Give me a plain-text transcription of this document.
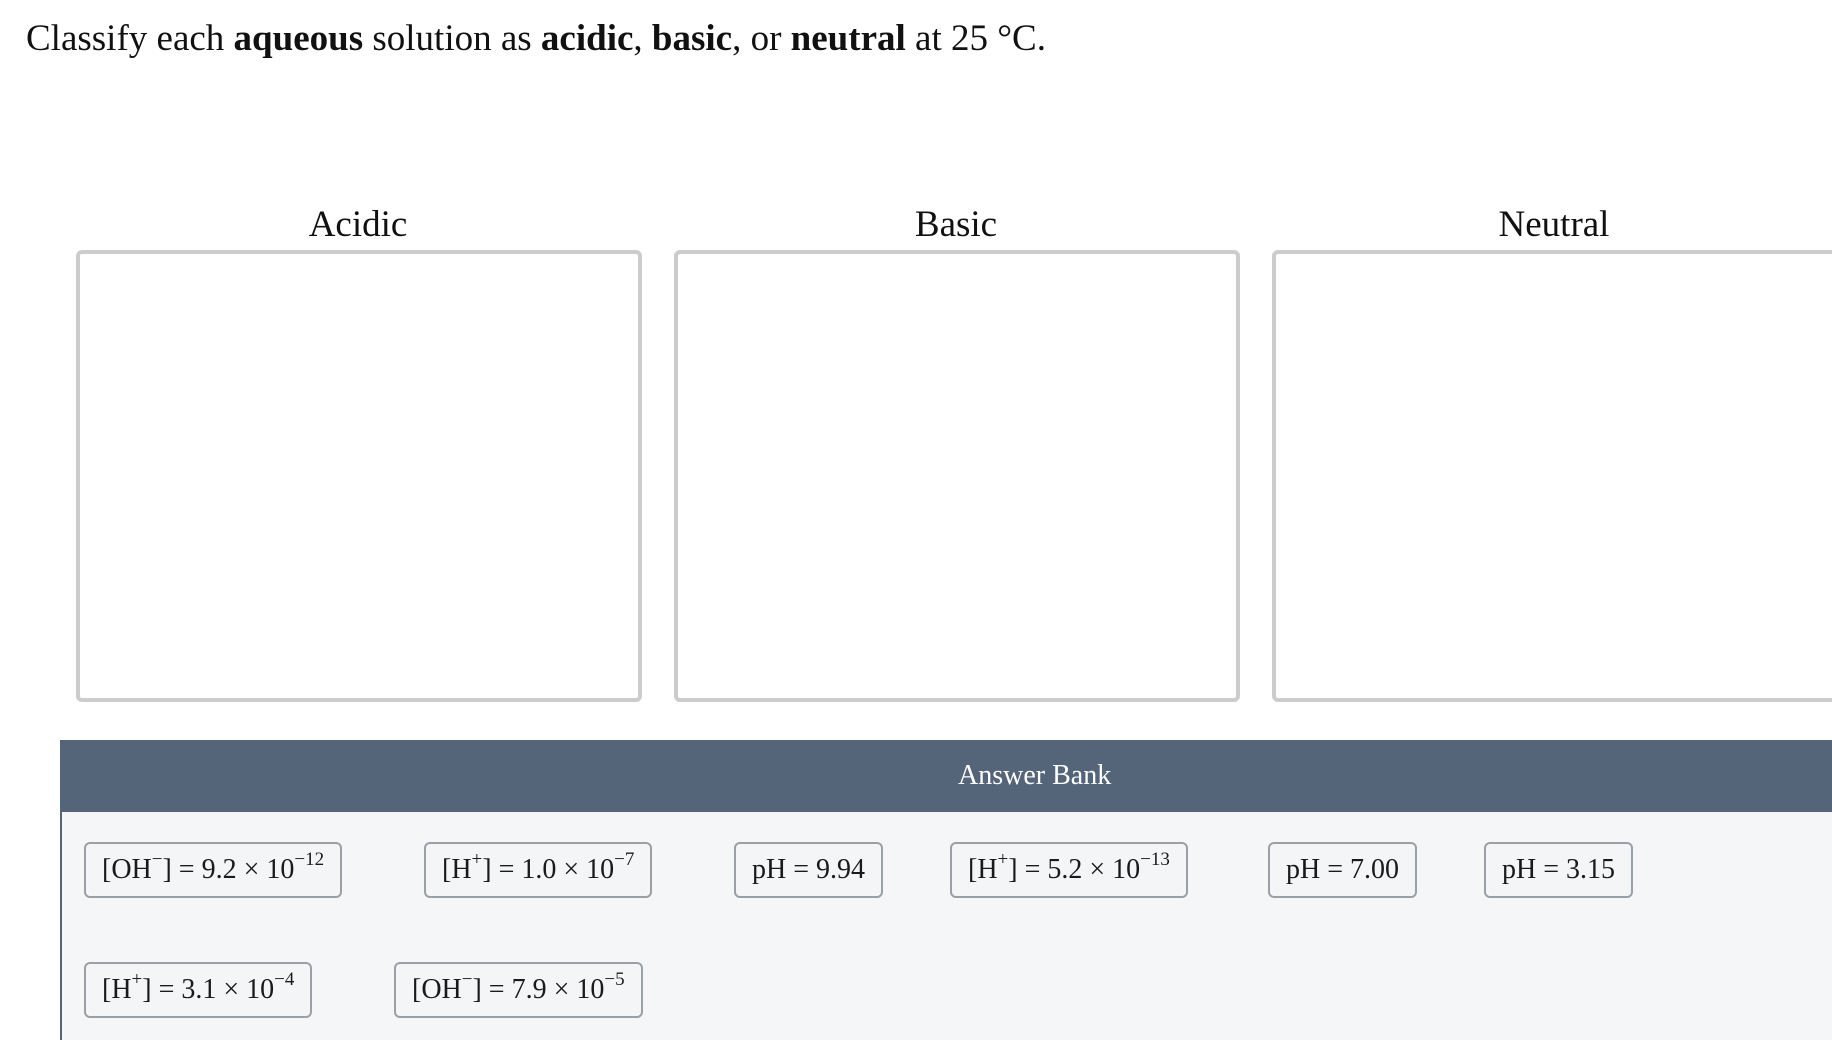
Classify each aqueous solution as acidic, basic, or neutral at 25 °C.
Acidic	Basic	Neutral
Answer Bank
$[OH^-] = 9.2 \times 10^{-12}$	$[H^+] = 1.0 \times 10^{-7}$	pH = 9.94	$[H^+] = 5.2 \times 10^{-13}$	pH = 7.00	pH = 3.15
$[H^+] = 3.1 \times 10^{-4}$	$[OH^-] = 7.9 \times 10^{-5}$
